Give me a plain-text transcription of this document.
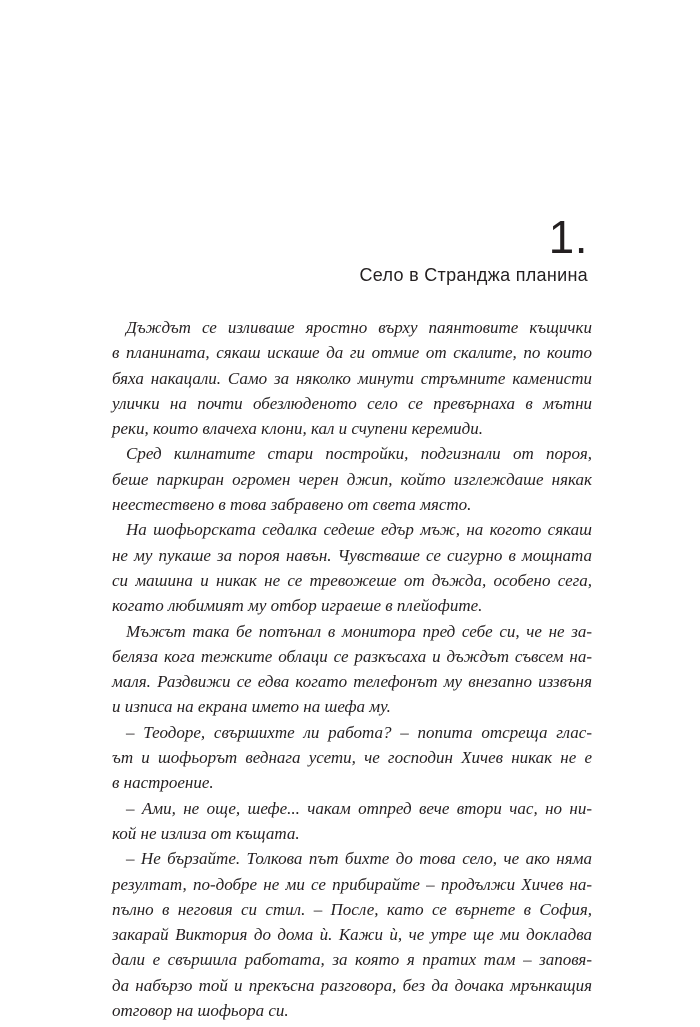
1.
Село в Странджа планина
Дъждът се изливаше яростно върху паянтовите къщички
в планината, сякаш искаше да ги отмие от скалите, по които
бяха накацали. Само за няколко минути стръмните каменисти
улички на почти обезлюденото село се превърнаха в мътни
реки, които влачеха клони, кал и счупени керемиди.
Сред килнатите стари постройки, подгизнали от пороя,
беше паркиран огромен черен джип, който изглеждаше някак
неестествено в това забравено от света място.
На шофьорската седалка седеше едър мъж, на когото сякаш
не му пукаше за пороя навън. Чувстваше се сигурно в мощната
си машина и никак не се тревожеше от дъжда, особено сега,
когато любимият му отбор играеше в плейофите.
Мъжът така бе потънал в монитора пред себе си, че не за-
беляза кога тежките облаци се разкъсаха и дъждът съвсем на-
маля. Раздвижи се едва когато телефонът му внезапно иззвъня
и изписа на екрана името на шефа му.
– Теодоре, свършихте ли работа? – попита отсреща глас-
ът и шофьорът веднага усети, че господин Хичев никак не е
в настроение.
– Ами, не още, шефе... чакам отпред вече втори час, но ни-
кой не излиза от къщата.
– Не бързайте. Толкова път бихте до това село, че ако няма
резултат, по-добре не ми се прибирайте – продължи Хичев на-
пълно в неговия си стил. – После, като се върнете в София,
закарай Виктория до дома ѝ. Кажи ѝ, че утре ще ми докладва
дали е свършила работата, за която я пратих там – заповя-
да набързо той и прекъсна разговора, без да дочака мрънкащия
отговор на шофьора си.
